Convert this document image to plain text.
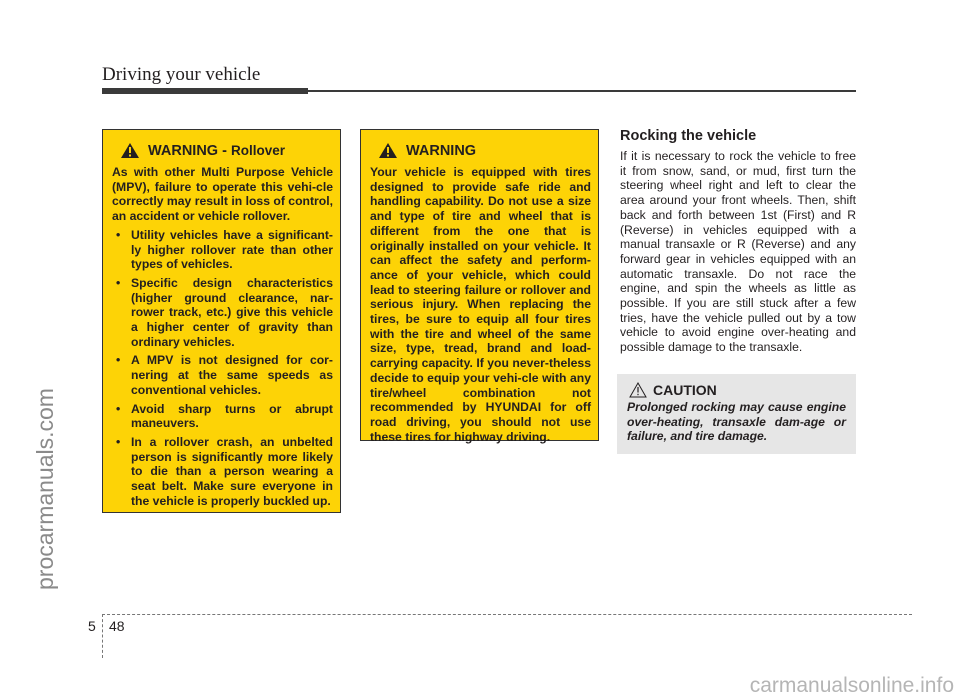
Driving your vehicle
WARNING - Rollover
As with other Multi Purpose Vehicle (MPV), failure to operate this vehi-cle correctly may result in loss of control, an accident or vehicle rollover.
• Utility vehicles have a significant-ly higher rollover rate than other types of vehicles.
• Specific design characteristics (higher ground clearance, nar-rower track, etc.) give this vehicle a higher center of gravity than ordinary vehicles.
• A MPV is not designed for cor-nering at the same speeds as conventional vehicles.
• Avoid sharp turns or abrupt maneuvers.
• In a rollover crash, an unbelted person is significantly more likely to die than a person wearing a seat belt. Make sure everyone in the vehicle is properly buckled up.
WARNING
Your vehicle is equipped with tires designed to provide safe ride and handling capability. Do not use a size and type of tire and wheel that is different from the one that is originally installed on your vehicle. It can affect the safety and perform-ance of your vehicle, which could lead to steering failure or rollover and serious injury. When replacing the tires, be sure to equip all four tires with the tire and wheel of the same size, type, tread, brand and load-carrying capacity. If you never-theless decide to equip your vehi-cle with any tire/wheel combination not recommended by HYUNDAI for off road driving, you should not use these tires for highway driving.
Rocking the vehicle
If it is necessary to rock the vehicle to free it from snow, sand, or mud, first turn the steering wheel right and left to clear the area around your front wheels. Then, shift back and forth between 1st (First) and R (Reverse) in vehicles equipped with a manual transaxle or R (Reverse) and any forward gear in vehicles equipped with an automatic transaxle. Do not race the engine, and spin the wheels as little as possible. If you are still stuck after a few tries, have the vehicle pulled out by a tow vehicle to avoid engine over-heating and possible damage to the transaxle.
CAUTION
Prolonged rocking may cause engine over-heating, transaxle dam-age or failure, and tire damage.
5 48
procarmanuals.com
carmanualsonline.info
